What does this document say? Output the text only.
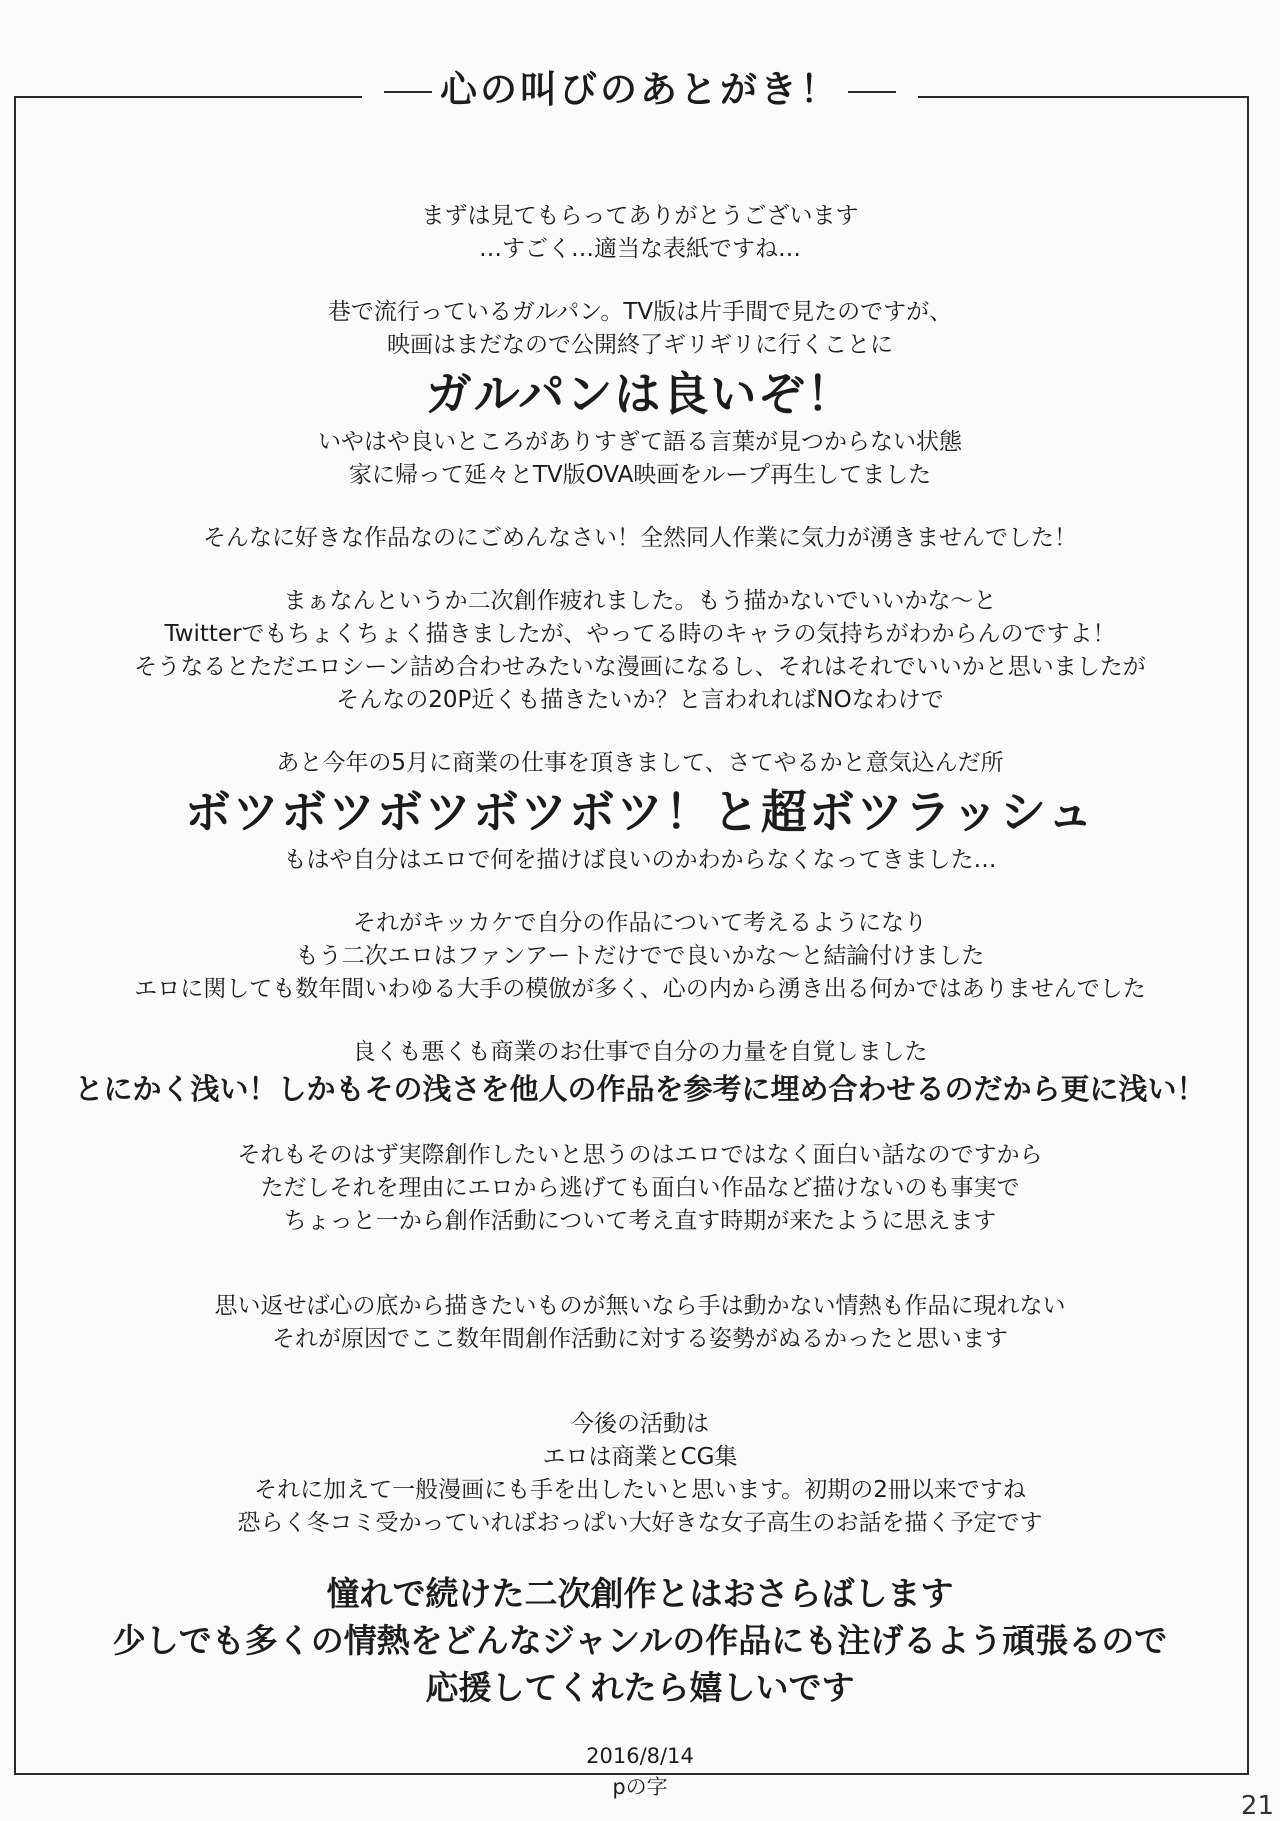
心の叫びのあとがき！
まずは見てもらってありがとうございます
…すごく…適当な表紙ですね…
巷で流行っているガルパン。TV版は片手間で見たのですが、
映画はまだなので公開終了ギリギリに行くことに
ガルパンは良いぞ！
いやはや良いところがありすぎて語る言葉が見つからない状態
家に帰って延々とTV版OVA映画をループ再生してました
そんなに好きな作品なのにごめんなさい！全然同人作業に気力が湧きませんでした！
まぁなんというか二次創作疲れました。もう描かないでいいかな～と
Twitterでもちょくちょく描きましたが、やってる時のキャラの気持ちがわからんのですよ！
そうなるとただエロシーン詰め合わせみたいな漫画になるし、それはそれでいいかと思いましたが
そんなの20P近くも描きたいか？と言われればNOなわけで
あと今年の5月に商業の仕事を頂きまして、さてやるかと意気込んだ所
ボツボツボツボツボツ！と超ボツラッシュ
もはや自分はエロで何を描けば良いのかわからなくなってきました…
それがキッカケで自分の作品について考えるようになり
もう二次エロはファンアートだけでで良いかな～と結論付けました
エロに関しても数年間いわゆる大手の模倣が多く、心の内から湧き出る何かではありませんでした
良くも悪くも商業のお仕事で自分の力量を自覚しました
とにかく浅い！しかもその浅さを他人の作品を参考に埋め合わせるのだから更に浅い！
それもそのはず実際創作したいと思うのはエロではなく面白い話なのですから
ただしそれを理由にエロから逃げても面白い作品など描けないのも事実で
ちょっと一から創作活動について考え直す時期が来たように思えます
思い返せば心の底から描きたいものが無いなら手は動かない情熱も作品に現れない
それが原因でここ数年間創作活動に対する姿勢がぬるかったと思います
今後の活動は
エロは商業とCG集
それに加えて一般漫画にも手を出したいと思います。初期の2冊以来ですね
恐らく冬コミ受かっていればおっぱい大好きな女子高生のお話を描く予定です
憧れで続けた二次創作とはおさらばします
少しでも多くの情熱をどんなジャンルの作品にも注げるよう頑張るので
応援してくれたら嬉しいです
2016/8/14
pの字
21
